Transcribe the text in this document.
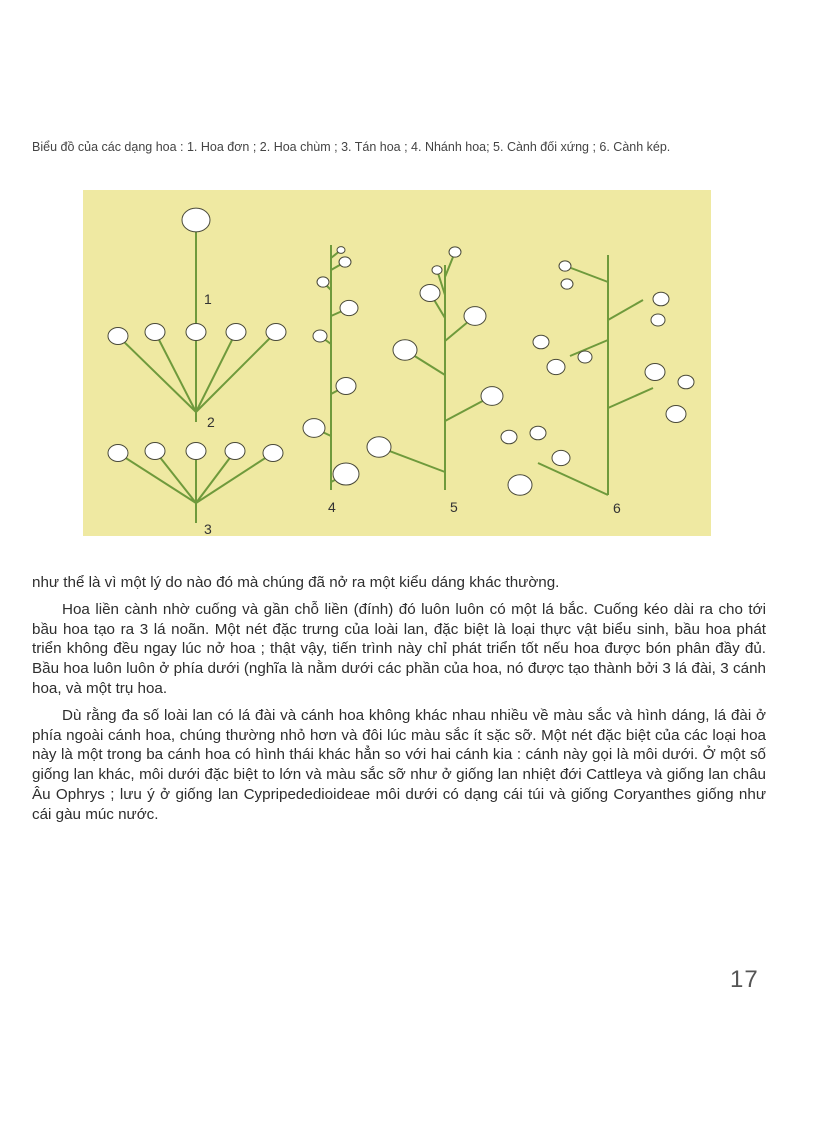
Biểu đồ của các dạng hoa : 1. Hoa đơn ; 2. Hoa chùm ; 3. Tán hoa ; 4. Nhánh hoa; 5. Cành đối xứng ; 6. Cành kép.
1
2
3
4	5	6

như thể là vì một lý do nào đó mà chúng đã nở ra một kiểu dáng khác thường.

Hoa liền cành nhờ cuống và gần chỗ liền (đính) đó luôn luôn có một lá bắc. Cuống kéo dài ra cho tới bầu hoa tạo ra 3 lá noãn. Một nét đặc trưng của loài lan, đặc biệt là loại thực vật biểu sinh, bầu hoa phát triển không đều ngay lúc nở hoa ; thật vậy, tiến trình này chỉ phát triển tốt nếu hoa được bón phân đầy đủ. Bầu hoa luôn luôn ở phía dưới (nghĩa là nằm dưới các phần của hoa, nó được tạo thành bởi 3 lá đài, 3 cánh hoa, và một trụ hoa.

Dù rằng đa số loài lan có lá đài và cánh hoa không khác nhau nhiều về màu sắc và hình dáng, lá đài ở phía ngoài cánh hoa, chúng thường nhỏ hơn và đôi lúc màu sắc ít sặc sỡ. Một nét đặc biệt của các loại hoa này là một trong ba cánh hoa có hình thái khác hẳn so với hai cánh kia : cánh này gọi là môi dưới. Ở một số giống lan khác, môi dưới đặc biệt to lớn và màu sắc sỡ như ở giống lan nhiệt đới Cattleya và giống lan châu Âu Ophrys ; lưu ý ở giống lan Cypripededioideae môi dưới có dạng cái túi và giống Coryanthes giống như cái gàu múc nước.

17
